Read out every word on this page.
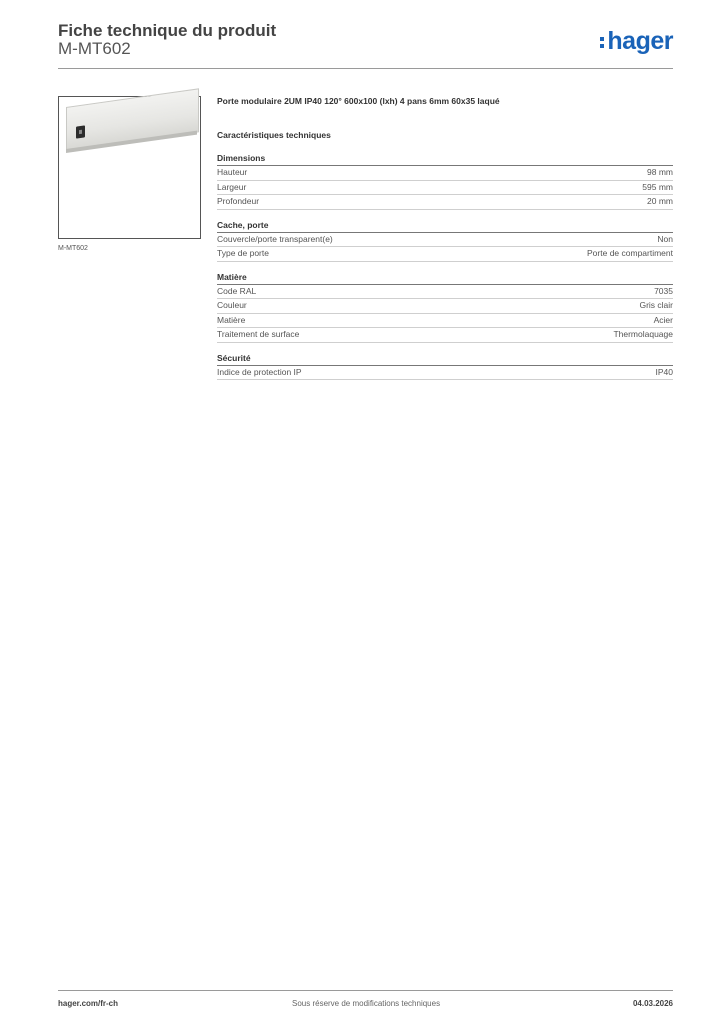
Fiche technique du produit
M-MT602	hager
M-MT602
Porte modulaire 2UM IP40 120° 600x100 (lxh) 4 pans 6mm 60x35 laqué
Caractéristiques techniques
Dimensions
Hauteur	98 mm
Largeur	595 mm
Profondeur	20 mm
Cache, porte
Couvercle/porte transparent(e)	Non
Type de porte	Porte de compartiment
Matière
Code RAL	7035
Couleur	Gris clair
Matière	Acier
Traitement de surface	Thermolaquage
Sécurité
Indice de protection IP	IP40
hager.com/fr-ch	Sous réserve de modifications techniques	04.03.2026
